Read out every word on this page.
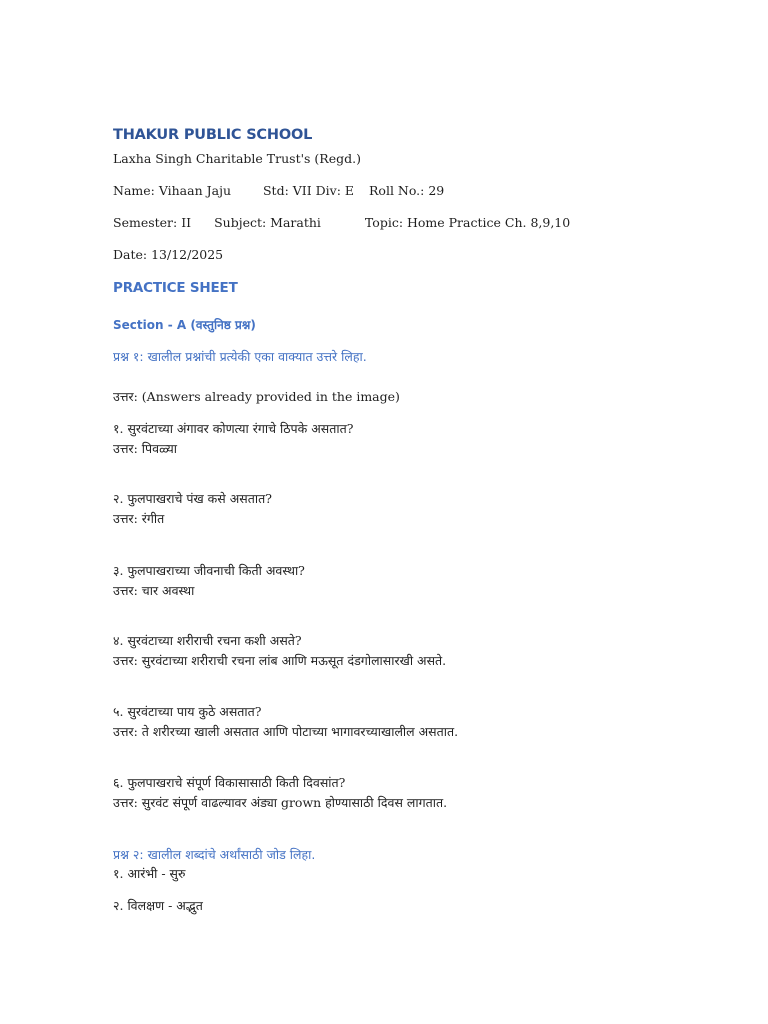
THAKUR PUBLIC SCHOOL
Laxha Singh Charitable Trust's (Regd.)
Name: Vihaan Jaju	Std: VII Div: E Roll No.: 29
Semester: II Subject: Marathi	Topic: Home Practice Ch. 8,9,10
Date: 13/12/2025
PRACTICE SHEET
Section - A (वस्तुनिष्ठ प्रश्न)
प्रश्न १: खालील प्रश्नांची प्रत्येकी एका वाक्यात उत्तरे लिहा.
उत्तर: (Answers already provided in the image)
१. सुरवंटाच्या अंगावर कोणत्या रंगाचे ठिपके असतात?
उत्तर: पिवळ्या
२. फुलपाखराचे पंख कसे असतात?
उत्तर: रंगीत
३. फुलपाखराच्या जीवनाची किती अवस्था?
उत्तर: चार अवस्था
४. सुरवंटाच्या शरीराची रचना कशी असते?
उत्तर: सुरवंटाच्या शरीराची रचना लांब आणि मऊसूत दंडगोलासारखी असते.
५. सुरवंटाच्या पाय कुठे असतात?
उत्तर: ते शरीरच्या खाली असतात आणि पोटाच्या भागावरच्याखालील असतात.
६. फुलपाखराचे संपूर्ण विकासासाठी किती दिवसांत?
उत्तर: सुरवंट संपूर्ण वाढल्यावर अंड्या grown होण्यासाठी दिवस लागतात.
प्रश्न २: खालील शब्दांचे अर्थांसाठी जोड लिहा.
१. आरंभी - सुरु
२. विलक्षण - अद्भुत
